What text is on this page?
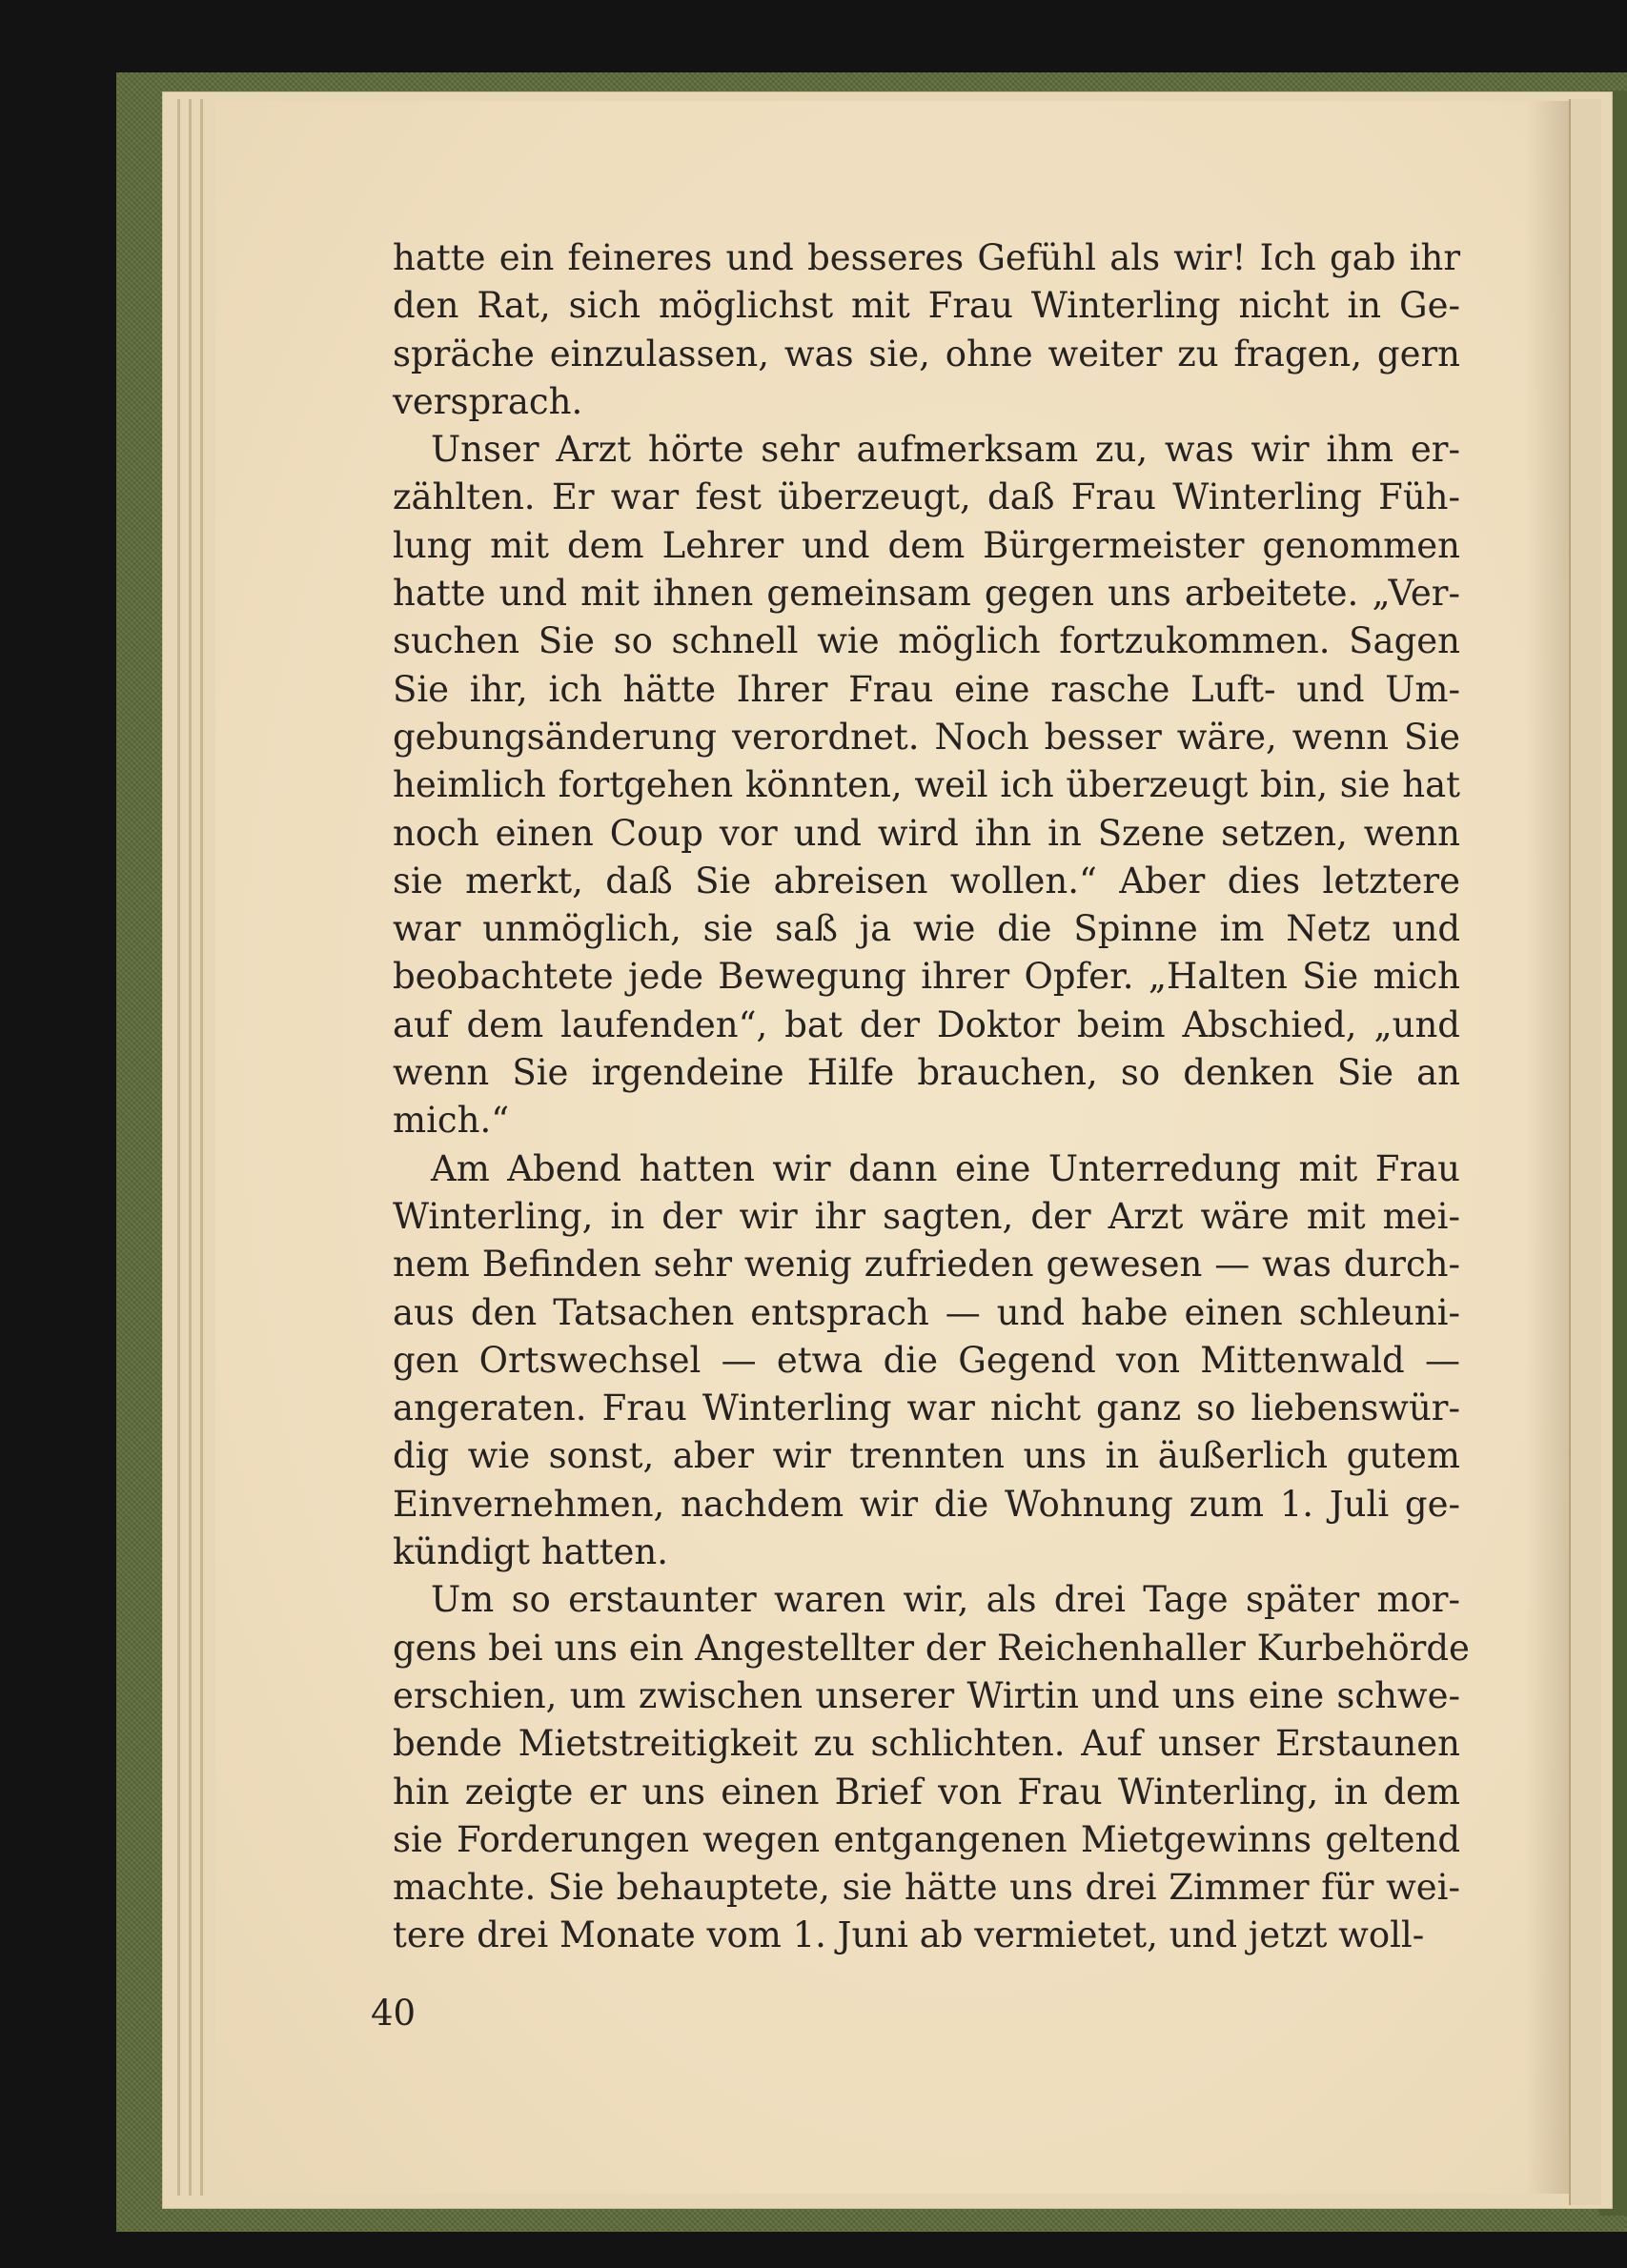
hatte ein feineres und besseres Gefühl als wir! Ich gab ihr
den Rat, sich möglichst mit Frau Winterling nicht in Ge-
spräche einzulassen, was sie, ohne weiter zu fragen, gern
versprach.
Unser Arzt hörte sehr aufmerksam zu, was wir ihm er-
zählten. Er war fest überzeugt, daß Frau Winterling Füh-
lung mit dem Lehrer und dem Bürgermeister genommen
hatte und mit ihnen gemeinsam gegen uns arbeitete. „Ver-
suchen Sie so schnell wie möglich fortzukommen. Sagen
Sie ihr, ich hätte Ihrer Frau eine rasche Luft- und Um-
gebungsänderung verordnet. Noch besser wäre, wenn Sie
heimlich fortgehen könnten, weil ich überzeugt bin, sie hat
noch einen Coup vor und wird ihn in Szene setzen, wenn
sie merkt, daß Sie abreisen wollen.“ Aber dies letztere
war unmöglich, sie saß ja wie die Spinne im Netz und
beobachtete jede Bewegung ihrer Opfer. „Halten Sie mich
auf dem laufenden“, bat der Doktor beim Abschied, „und
wenn Sie irgendeine Hilfe brauchen, so denken Sie an
mich.“
Am Abend hatten wir dann eine Unterredung mit Frau
Winterling, in der wir ihr sagten, der Arzt wäre mit mei-
nem Befinden sehr wenig zufrieden gewesen — was durch-
aus den Tatsachen entsprach — und habe einen schleuni-
gen Ortswechsel — etwa die Gegend von Mittenwald —
angeraten. Frau Winterling war nicht ganz so liebenswür-
dig wie sonst, aber wir trennten uns in äußerlich gutem
Einvernehmen, nachdem wir die Wohnung zum 1. Juli ge-
kündigt hatten.
Um so erstaunter waren wir, als drei Tage später mor-
gens bei uns ein Angestellter der Reichenhaller Kurbehörde
erschien, um zwischen unserer Wirtin und uns eine schwe-
bende Mietstreitigkeit zu schlichten. Auf unser Erstaunen
hin zeigte er uns einen Brief von Frau Winterling, in dem
sie Forderungen wegen entgangenen Mietgewinns geltend
machte. Sie behauptete, sie hätte uns drei Zimmer für wei-
tere drei Monate vom 1. Juni ab vermietet, und jetzt woll-
40
